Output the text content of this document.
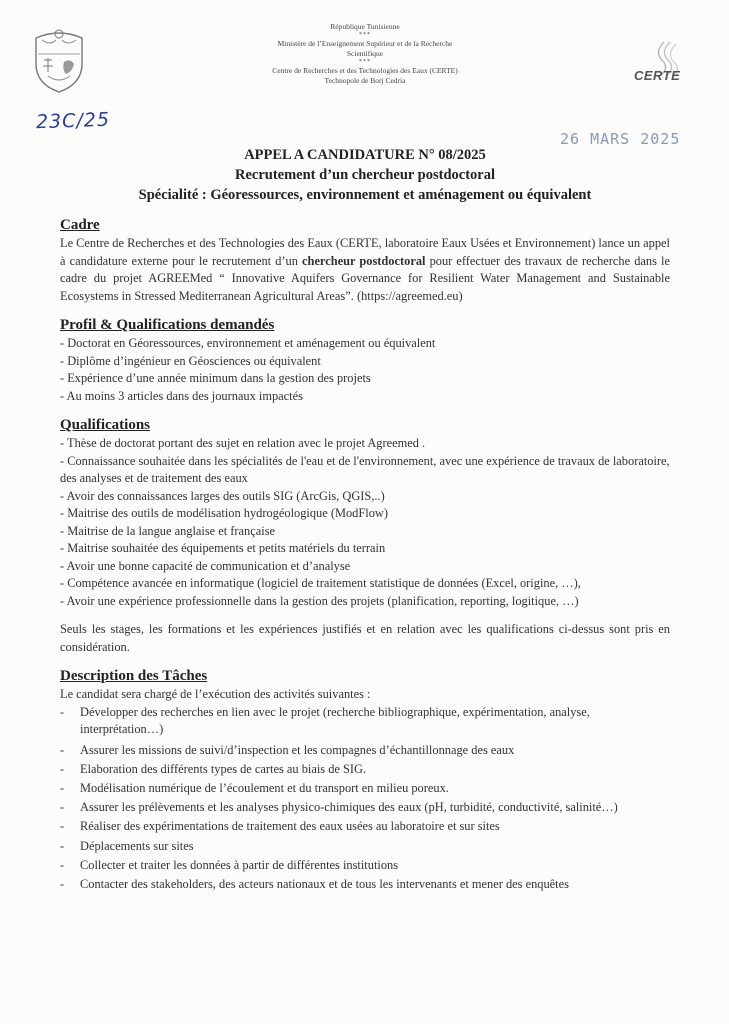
République Tunisienne
***
Ministère de l’Enseignement Supérieur et de la Recherche Scientifique
***
Centre de Recherches et des Technologies des Eaux (CERTE)
Technopole de Borj Cedria	CERTE
23C/25
26 MARS 2025
APPEL A CANDIDATURE N° 08/2025
Recrutement d’un chercheur postdoctoral
Spécialité : Géoressources, environnement et aménagement ou équivalent
Cadre

Le Centre de Recherches et des Technologies des Eaux (CERTE, laboratoire Eaux Usées et Environnement) lance un appel à candidature externe pour le recrutement d’un chercheur postdoctoral pour effectuer des travaux de recherche dans le cadre du projet AGREEMed “ Innovative Aquifers Governance for Resilient Water Management and Sustainable Ecosystems in Stressed Mediterranean Agricultural Areas”. (https://agreemed.eu)

Profil & Qualifications demandés
- Doctorat en Géoressources, environnement et aménagement ou équivalent
- Diplôme d’ingénieur en Géosciences ou équivalent
- Expérience d’une année minimum dans la gestion des projets
- Au moins 3 articles dans des journaux impactés
Qualifications
- Thèse de doctorat portant des sujet en relation avec le projet Agreemed .
- Connaissance souhaitée dans les spécialités de l'eau et de l'environnement, avec une expérience de travaux de laboratoire, des analyses et de traitement des eaux
- Avoir des connaissances larges des outils SIG (ArcGis, QGIS,..)
- Maitrise des outils de modélisation hydrogéologique (ModFlow)
- Maitrise de la langue anglaise et française
- Maitrise souhaitée des équipements et petits matériels du terrain
- Avoir une bonne capacité de communication et d’analyse
- Compétence avancée en informatique (logiciel de traitement statistique de données (Excel, origine, …),
- Avoir une expérience professionnelle dans la gestion des projets (planification, reporting, logitique, …)

Seuls les stages, les formations et les expériences justifiés et en relation avec les qualifications ci-dessus sont pris en considération.

Description des Tâches

Le candidat sera chargé de l’exécution des activités suivantes :

- Développer des recherches en lien avec le projet (recherche bibliographique, expérimentation, analyse, interprétation…)
- Assurer les missions de suivi/d’inspection et les compagnes d’échantillonnage des eaux
- Elaboration des différents types de cartes au biais de SIG.
- Modélisation numérique de l’écoulement et du transport en milieu poreux.
- Assurer les prélèvements et les analyses physico-chimiques des eaux (pH, turbidité, conductivité, salinité…)
- Réaliser des expérimentations de traitement des eaux usées au laboratoire et sur sites
- Déplacements sur sites
- Collecter et traiter les données à partir de différentes institutions
- Contacter des stakeholders, des acteurs nationaux et de tous les intervenants et mener des enquêtes
